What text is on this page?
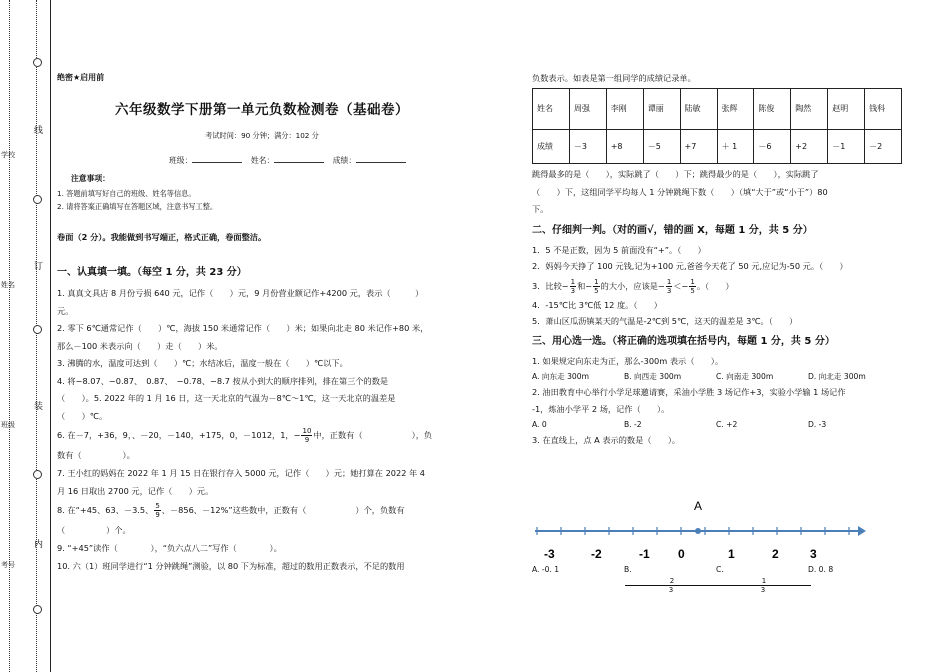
线
订
装
内
学校
姓名
班级
考号

绝密★启用前

六年级数学下册第一单元负数检测卷（基础卷）

考试时间：90 分钟；满分：102 分

班级：	姓名：	成绩：

注意事项：

1. 答题前填写好自己的班级、姓名等信息。

2. 请将答案正确填写在答题区域，注意书写工整。

卷面（2 分）。我能做到书写端正，格式正确，卷面整洁。

一、认真填一填。（每空 1 分，共 23 分）

1. 真真文具店 8 月份亏损 640 元，记作（　　）元，9 月份营业额记作+4200 元，表示（　　　）
元。
2. 零下 6℃通常记作（　　）℃，海拔 150 米通常记作（　　）米；如果向北走 80 米记作+80 米，
那么－100 米表示向（　　）走（　　）米。
3. 沸腾的水，温度可达到（　　）℃；水结冰后，温度一般在（　　）℃以下。
4. 将−8.07、−0.87、　0.87、　−0.78、−8.7 按从小到大的顺序排列，排在第三个的数是
（　　）。5. 2022 年的 1 月 16 日，这一天北京的气温为－8℃～1℃，这一天北京的温差是
（　　）℃。
6. 在－7，+36，9，、－20，－140，+175，0，－1012，1，− $\frac{10}{9}$ 中，正数有（　　　　　　），负
数有（　　　　　）。
7. 王小红的妈妈在 2022 年 1 月 15 日在银行存入 5000 元，记作（　　）元；她打算在 2022 年 4
月 16 日取出 2700 元，记作（　　）元。
8. 在“+45、63、－3.5、 $\frac{5}{9}$ 、－856、－12%”这些数中，正数有（　　　　　　）个，负数有
（　　　　　）个。
9. “+45”读作（　　　　），“负六点八二”写作（　　　　）。
10. 六（1）班同学进行“1 分钟跳绳”测验，以 80 下为标准，超过的数用正数表示，不足的数用

负数表示。如表是第一组同学的成绩记录单。

姓名	周强	李刚	谭丽	陆敏	张辉	陈俊	陶然	赵明	钱科
成绩	－3	+8	－5	+7	＋ 1	－6	+2	－1	－2
跳得最多的是（　　），实际跳了（　　）下；跳得最少的是（　　），实际跳了
（　　）下，这组同学平均每人 1 分钟跳绳下数（　　）（填“大于”或“小于”）80
下。

二、仔细判一判。（对的画√，错的画 X，每题 1 分，共 5 分）

1．5 不是正数，因为 5 前面没有“+”。（　　）
2．妈妈今天挣了 100 元钱,记为+100 元,爸爸今天花了 50 元,应记为-50 元。（　　）
3．比较− $\frac{1}{3}$ 和− $\frac{1}{5}$ 的大小，应该是− $\frac{1}{3} <- \frac{1}{5}$ 。（　　）
4．-15℃比 3℃低 12 度。（　　）
5．萧山区瓜沥镇某天的气温是-2℃到 5℃，这天的温差是 3℃。（　　）

三、用心选一选。（将正确的选项填在括号内，每题 1 分，共 5 分）

1. 如果规定向东走为正，那么-300m 表示（　　）。
A. 向东走 300m	B. 向西走 300m	C. 向南走 300m	D. 向北走 300m
2. 油田教育中心举行小学足球邀请赛，采油小学胜 3 场记作+3，实验小学输 1 场记作
-1，炼油小学平 2 场，记作（　　）。
A. 0	B. -2	C. +2	D. -3
3. 在直线上，点 A 表示的数是（　　）。
-3	-2	-1 0	1	2	3
A
A. -0. 1	B.
$\frac{2}{3}$
C.
$\frac{1}{3}$
D. 0. 8
